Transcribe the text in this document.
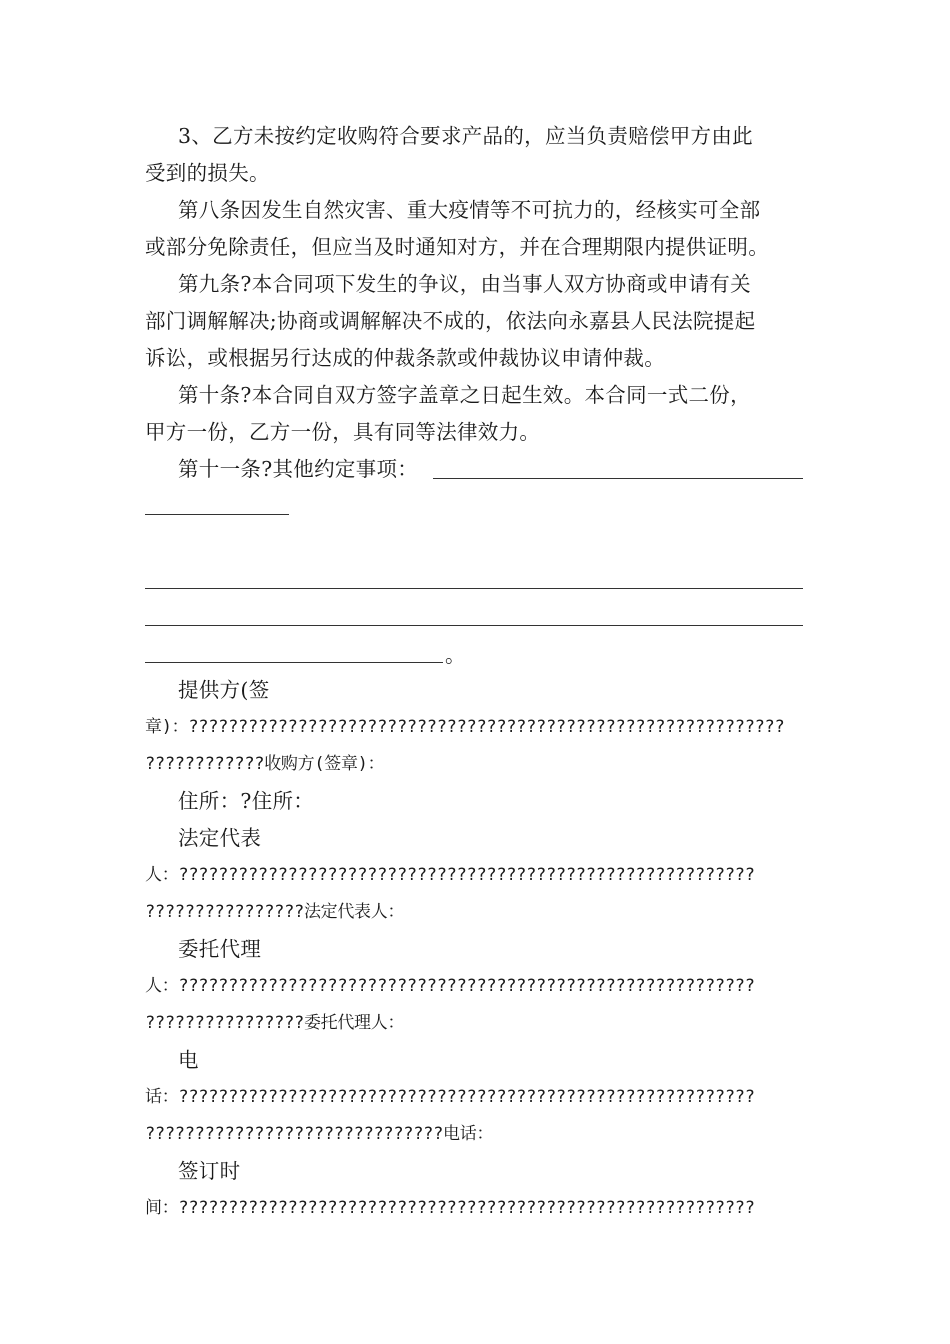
3、乙方未按约定收购符合要求产品的，应当负责赔偿甲方由此
受到的损失。
第八条因发生自然灾害、重大疫情等不可抗力的，经核实可全部
或部分免除责任，但应当及时通知对方，并在合理期限内提供证明。
第九条?本合同项下发生的争议，由当事人双方协商或申请有关
部门调解解决;协商或调解解决不成的，依法向永嘉县人民法院提起
诉讼，或根据另行达成的仲裁条款或仲裁协议申请仲裁。
第十条?本合同自双方签字盖章之日起生效。本合同一式二份，
甲方一份，乙方一份，具有同等法律效力。
第十一条?其他约定事项：
。
提供方(签
章)：????????????????????????????????????????????????????????????
????????????收购方(签章)：
住所：?住所：
法定代表
人：??????????????????????????????????????????????????????????
????????????????法定代表人：
委托代理
人：??????????????????????????????????????????????????????????
????????????????委托代理人：
电
话：??????????????????????????????????????????????????????????
??????????????????????????????电话：
签订时
间：??????????????????????????????????????????????????????????
